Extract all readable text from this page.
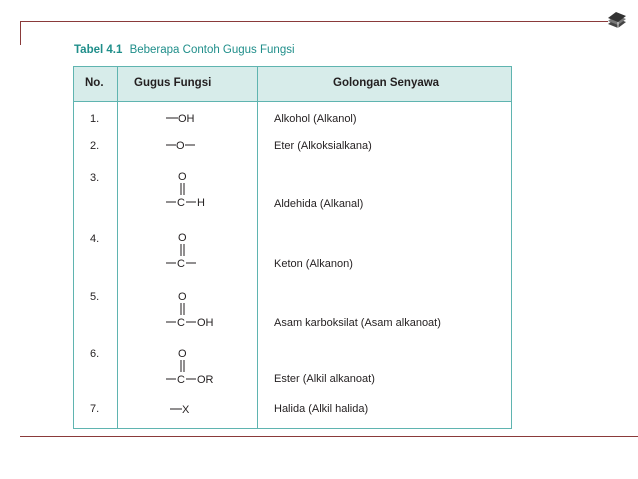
Tabel 4.1 Beberapa Contoh Gugus Fungsi
No.	Gugus Fungsi	Golongan Senyawa
1.
2.
3.
4.
5.
6.
7.
Alkohol (Alkanol)
Eter (Alkoksialkana)
Aldehida (Alkanal)
Keton (Alkanon)
Asam karboksilat (Asam alkanoat)
Ester (Alkil alkanoat)
Halida (Alkil halida)
OH
O
O
C H
O
C
O
C OH
O
C OR
X
